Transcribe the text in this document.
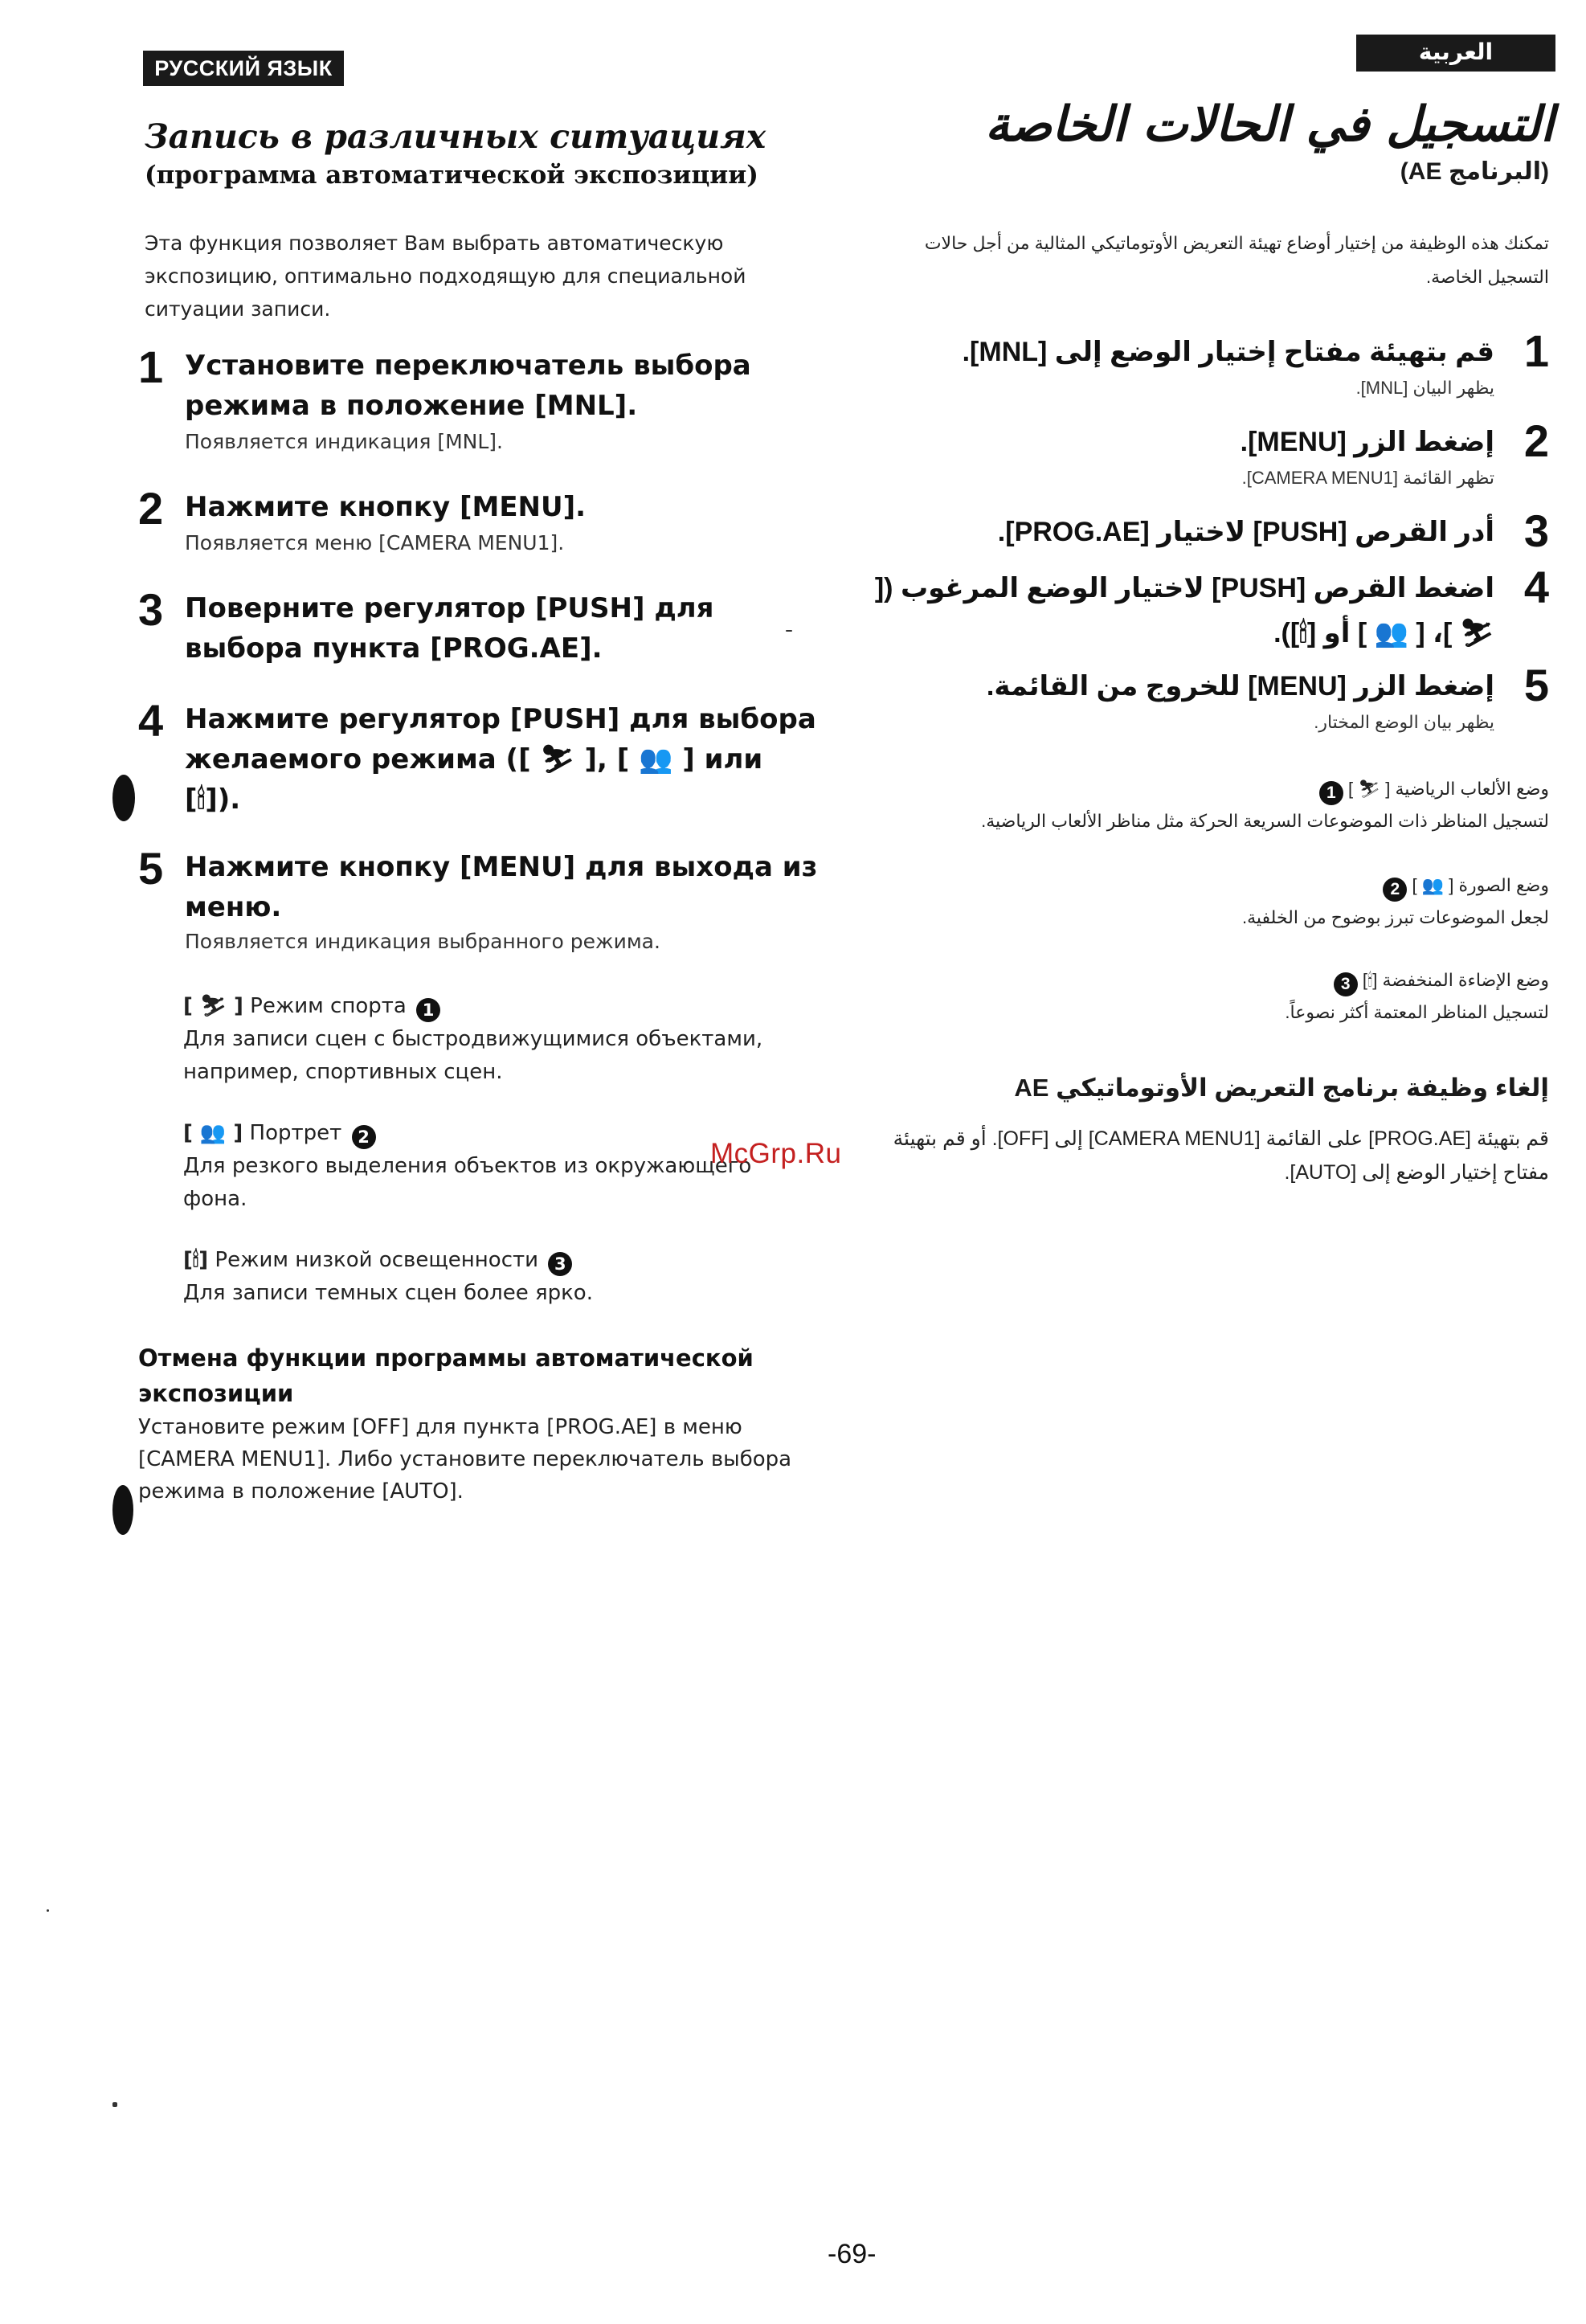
РУССКИЙ ЯЗЫК
العربية
Запись в различных ситуациях
(программа автоматической экспозиции)
Эта функция позволяет Вам выбрать автоматическую экспозицию, оптимально подходящую для специальной ситуации записи.
1 Установите переключатель выбора режима в положение [MNL].
Появляется индикация [MNL].
2 Нажмите кнопку [MENU].
Появляется меню [CAMERA MENU1].
3 Поверните регулятор [PUSH] для выбора пункта [PROG.AE].
4 Нажмите регулятор [PUSH] для выбора желаемого режима ([ ⛷ ], [ 👥 ] или [🕯]).
5 Нажмите кнопку [MENU] для выхода из меню.
Появляется индикация выбранного режима.
[ ⛷ ] Режим спорта 1
Для записи сцен с быстродвижущимися объектами, например, спортивных сцен.
[ 👥 ] Портрет 2
Для резкого выделения объектов из окружающего фона.
[🕯] Режим низкой освещенности 3
Для записи темных сцен более ярко.
Отмена функции программы автоматической экспозиции
Установите режим [OFF] для пункта [PROG.AE] в меню [CAMERA MENU1]. Либо установите переключатель выбора режима в положение [AUTO].
التسجيل في الحالات الخاصة
(البرنامج AE)
تمكنك هذه الوظيفة من إختيار أوضاع تهيئة التعريض الأوتوماتيكي المثالية من أجل حالات التسجيل الخاصة.
1
قم بتهيئة مفتاح إختيار الوضع إلى [MNL].
يظهر البيان [MNL].
2
إضغط الزر [MENU].
تظهر القائمة [CAMERA MENU1].
3
أدر القرص [PUSH] لاختيار [PROG.AE].
4
اضغط القرص [PUSH] لاختيار الوضع المرغوب ([ ⛷ ]، [ 👥 ] أو [🕯]).
5
إضغط الزر [MENU] للخروج من القائمة.
يظهر بيان الوضع المختار.
وضع الألعاب الرياضية [ ⛷ ] 1
لتسجيل المناظر ذات الموضوعات السريعة الحركة مثل مناظر الألعاب الرياضية.
وضع الصورة [ 👥 ] 2
لجعل الموضوعات تبرز بوضوح من الخلفية.
وضع الإضاءة المنخفضة [🕯] 3
لتسجيل المناظر المعتمة أكثر نصوعاً.
إلغاء وظيفة برنامج التعريض الأوتوماتيكي AE
قم بتهيئة [PROG.AE] على القائمة [CAMERA MENU1] إلى [OFF]. أو قم بتهيئة مفتاح إختيار الوضع إلى [AUTO].
McGrp.Ru
-69-
